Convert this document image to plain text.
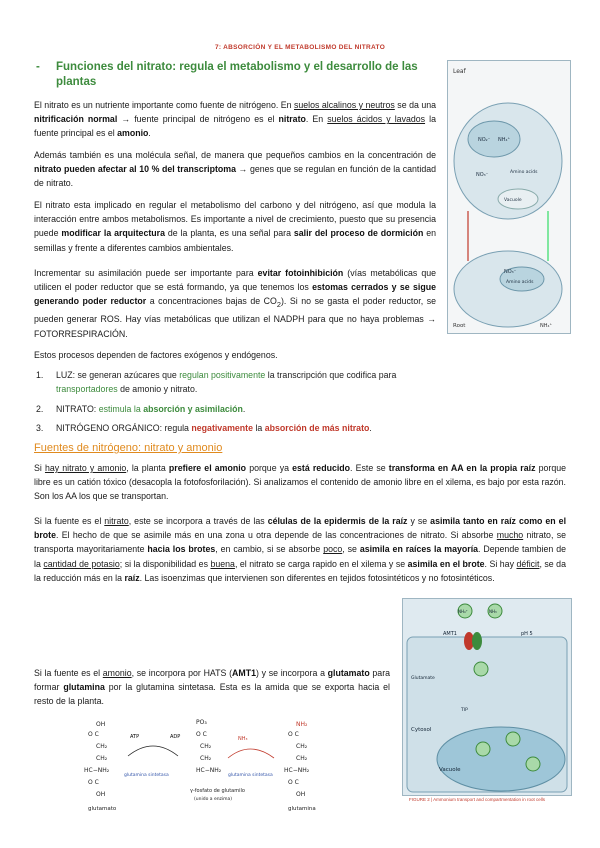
7: ABSORCIÓN Y EL METABOLISMO DEL NITRATO
- Funciones del nitrato: regula el metabolismo y el desarrollo de las plantas
El nitrato es un nutriente importante como fuente de nitrógeno. En suelos alcalinos y neutros se da una nitrificación normal → fuente principal de nitrógeno es el nitrato. En suelos ácidos y lavados la fuente principal es el amonio.
Además también es una molécula señal, de manera que pequeños cambios en la concentración de nitrato pueden afectar al 10 % del transcriptoma → genes que se regulan en función de la cantidad de nitrato.
El nitrato esta implicado en regular el metabolismo del carbono y del nitrógeno, así que modula la interacción entre ambos metabolismos. Es importante a nivel de crecimiento, puesto que su presencia puede modificar la arquitectura de la planta, es una señal para salir del proceso de dormición en semillas y frente a diferentes cambios ambientales.
Incrementar su asimilación puede ser importante para evitar fotoinhibición (vías metabólicas que utilicen el poder reductor que se está formando, ya que tenemos los estomas cerrados y se sigue generando poder reductor a concentraciones bajas de $CO_2$). Si no se gasta el poder reductor, se pueden generar ROS. Hay vías metabólicas que utilizan el NADPH para que no haya problemas → FOTORRESPIRACIÓN.
Estos procesos dependen de factores exógenos y endógenos.
1. LUZ: se generan azúcares que regulan positivamente la transcripción que codifica para transportadores de amonio y nitrato.
2. NITRATO: estimula la absorción y asimilación.
3. NITRÓGENO ORGÁNICO: regula negativamente la absorción de más nitrato.
Fuentes de nitrógeno: nitrato y amonio
Si hay nitrato y amonio, la planta prefiere el amonio porque ya está reducido. Este se transforma en AA en la propia raíz porque libre es un catión tóxico (desacopla la fotofosforilación). Si analizamos el contenido de amonio libre en el xilema, es bajo por esta razón. Son los AA los que se transportan.
Si la fuente es el nitrato, este se incorpora a través de las células de la epidermis de la raíz y se asimila tanto en raíz como en el brote. El hecho de que se asimile más en una zona u otra depende de las concentraciones de nitrato. Si absorbe mucho nitrato, se transporta mayoritariamente hacia los brotes, en cambio, si se absorbe poco, se asimila en raíces la mayoría. Depende tambien de la cantidad de potasio; si la disponibilidad es buena, el nitrato se carga rapido en el xilema y se asimila en el brote. Si hay déficit, se da la reducción más en la raíz. Las isoenzimas que intervienen son diferentes en tejidos fotosintéticos y no fotosintéticos.
Si la fuente es el amonio, se incorpora por HATS (AMT1) y se incorpora a glutamato para formar glutamina por la glutamina sintetasa. Esta es la amida que se exporta hacia el resto de la planta.
Leaf
NO₂⁻ NH₄⁺
NO₃⁻	Amino acids
Vacuole
NO₃⁻
Amino acids
Root	NH₄⁺
Vacuole
Cytosol
AMT1	pH 5
Glutamate
TIP
NH₄⁺	NH₃
FIGURE 2 | Ammonium transport and compartmentation in root cells
OH
O C
CH₂
CH₂
HC−NH₂
O C
OH
glutamato
ATP	ADP
glutamina sintetasa
PO₃
O C
CH₂
CH₂
HC−NH₂
γ-fosfato de glutamilo
(unido a enzima)
NH₃
glutamina sintetasa
NH₂
O C
CH₂
CH₂
HC−NH₂
O C
OH
glutamina
